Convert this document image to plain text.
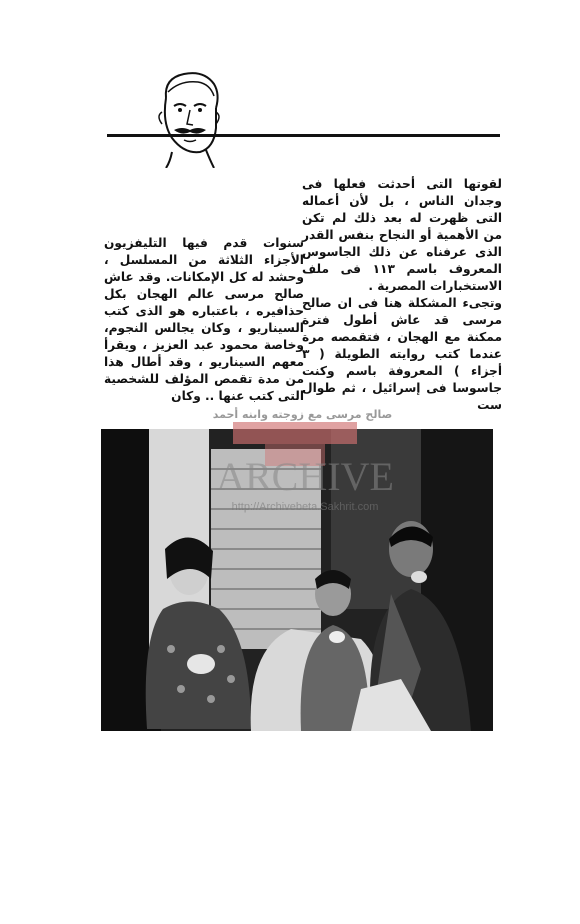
لقوتها التى أحدثت فعلها فى وجدان الناس ، بل لأن أعماله التى ظهرت له بعد ذلك لم تكن من الأهمية أو النجاح بنفس القدر الذى عرفناه عن ذلك الجاسوس المعروف باسم ١١٣ فى ملف الاستخبارات المصرية .

وتجىء المشكلة هنا فى ان صالح مرسى قد عاش أطول فترة ممكنة مع الهجان ، فتقمصه مرة عندما كتب روايته الطويلة ( ٣ أجزاء ) المعروفة باسم وكنت جاسوسا فى إسرائيل ، ثم طوال ست

سنوات قدم فيها التليفزيون الأجزاء الثلاثة من المسلسل ، وحشد له كل الإمكانات. وقد عاش صالح مرسى عالم الهجان بكل حذافيره ، باعتباره هو الذى كتب السيناريو ، وكان يجالس النجوم، وخاصة محمود عبد العزيز ، ويقرأ معهم السيناريو ، وقد أطال هذا من مدة تقمص المؤلف للشخصية التى كتب عنها .. وكان

صالح مرسى مع زوجته وابنه أحمد
ARCHIVE
http://Archivebeta.Sakhrit.com
